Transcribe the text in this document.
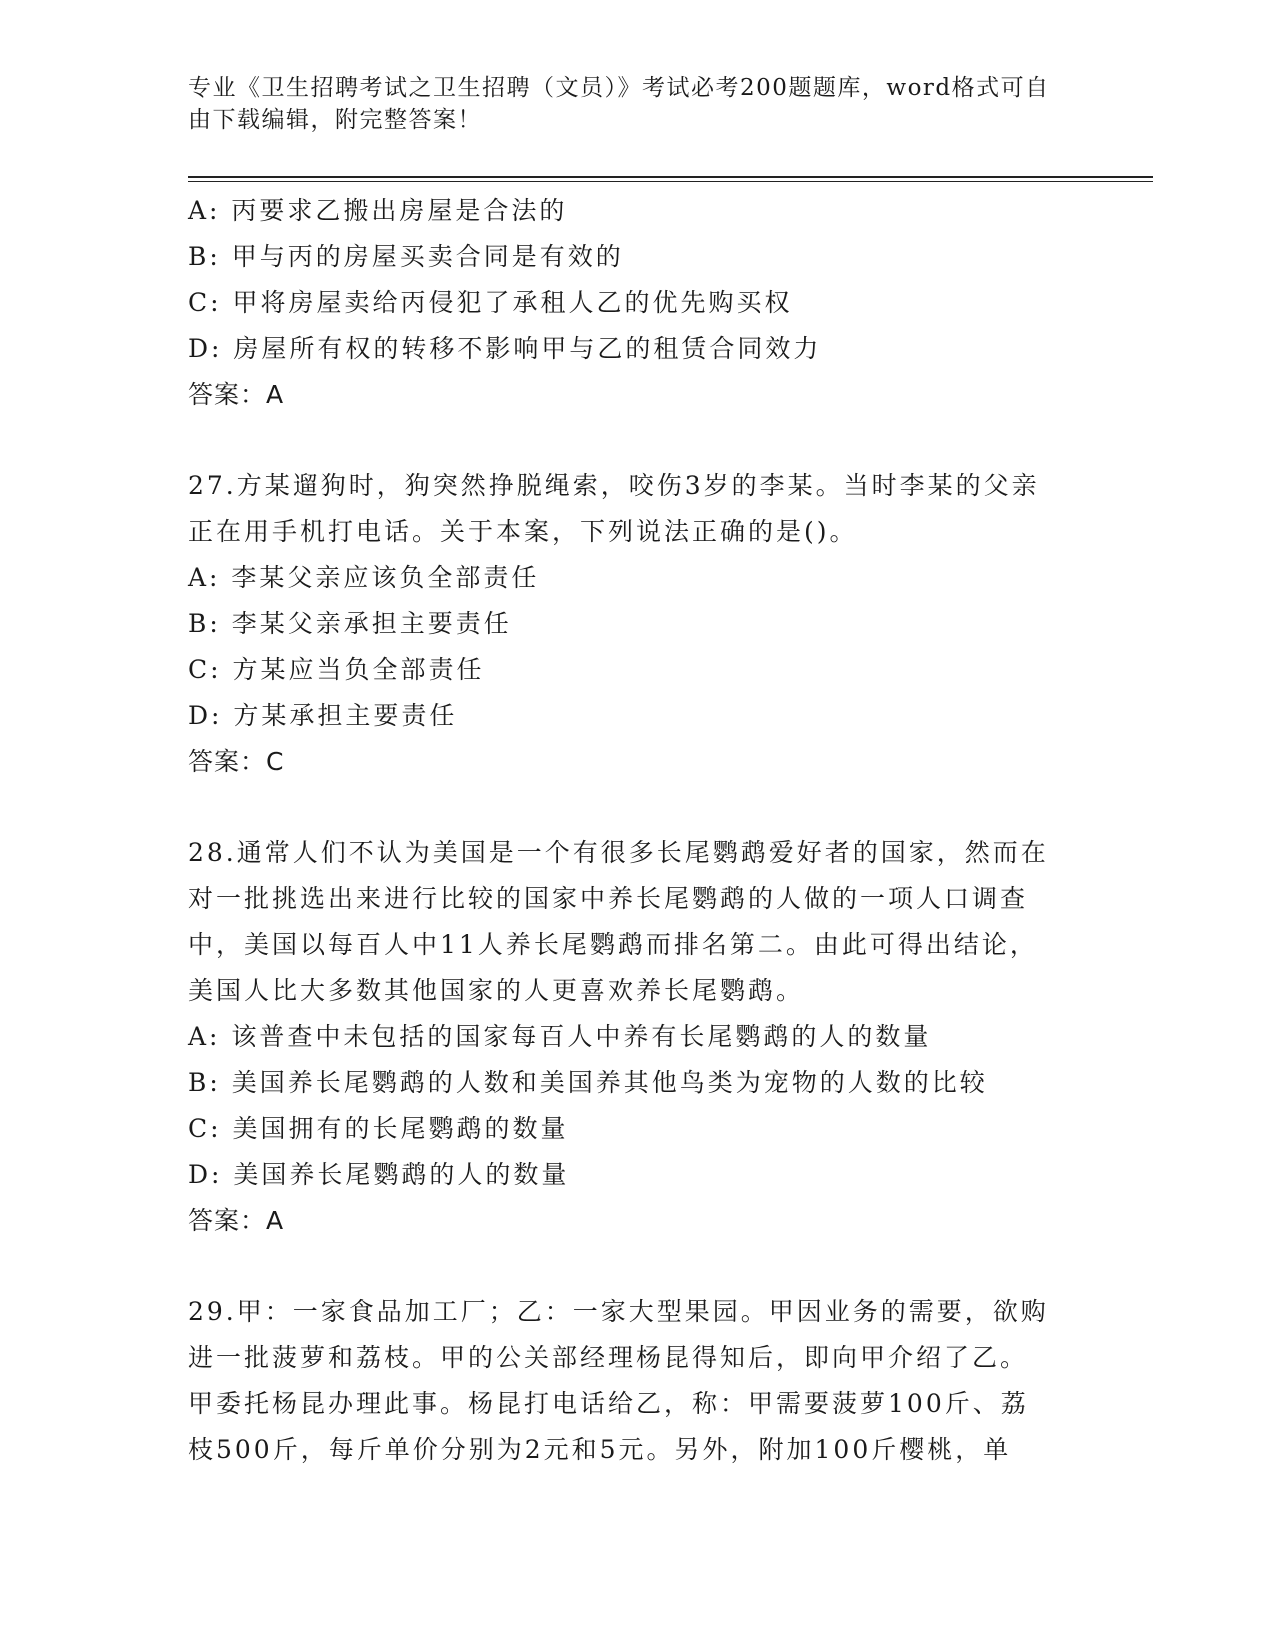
专业《卫生招聘考试之卫生招聘（文员）》考试必考200题题库，word格式可自
由下载编辑，附完整答案！
A: 丙要求乙搬出房屋是合法的
B: 甲与丙的房屋买卖合同是有效的
C: 甲将房屋卖给丙侵犯了承租人乙的优先购买权
D: 房屋所有权的转移不影响甲与乙的租赁合同效力
答案：A
27.方某遛狗时，狗突然挣脱绳索，咬伤3岁的李某。当时李某的父亲
正在用手机打电话。关于本案，下列说法正确的是()。
A: 李某父亲应该负全部责任
B: 李某父亲承担主要责任
C: 方某应当负全部责任
D: 方某承担主要责任
答案：C
28.通常人们不认为美国是一个有很多长尾鹦鹉爱好者的国家，然而在
对一批挑选出来进行比较的国家中养长尾鹦鹉的人做的一项人口调查
中，美国以每百人中11人养长尾鹦鹉而排名第二。由此可得出结论，
美国人比大多数其他国家的人更喜欢养长尾鹦鹉。
A: 该普查中未包括的国家每百人中养有长尾鹦鹉的人的数量
B: 美国养长尾鹦鹉的人数和美国养其他鸟类为宠物的人数的比较
C: 美国拥有的长尾鹦鹉的数量
D: 美国养长尾鹦鹉的人的数量
答案：A
29.甲：一家食品加工厂；乙：一家大型果园。甲因业务的需要，欲购
进一批菠萝和荔枝。甲的公关部经理杨昆得知后，即向甲介绍了乙。
甲委托杨昆办理此事。杨昆打电话给乙，称：甲需要菠萝100斤、荔
枝500斤，每斤单价分别为2元和5元。另外，附加100斤樱桃，单
